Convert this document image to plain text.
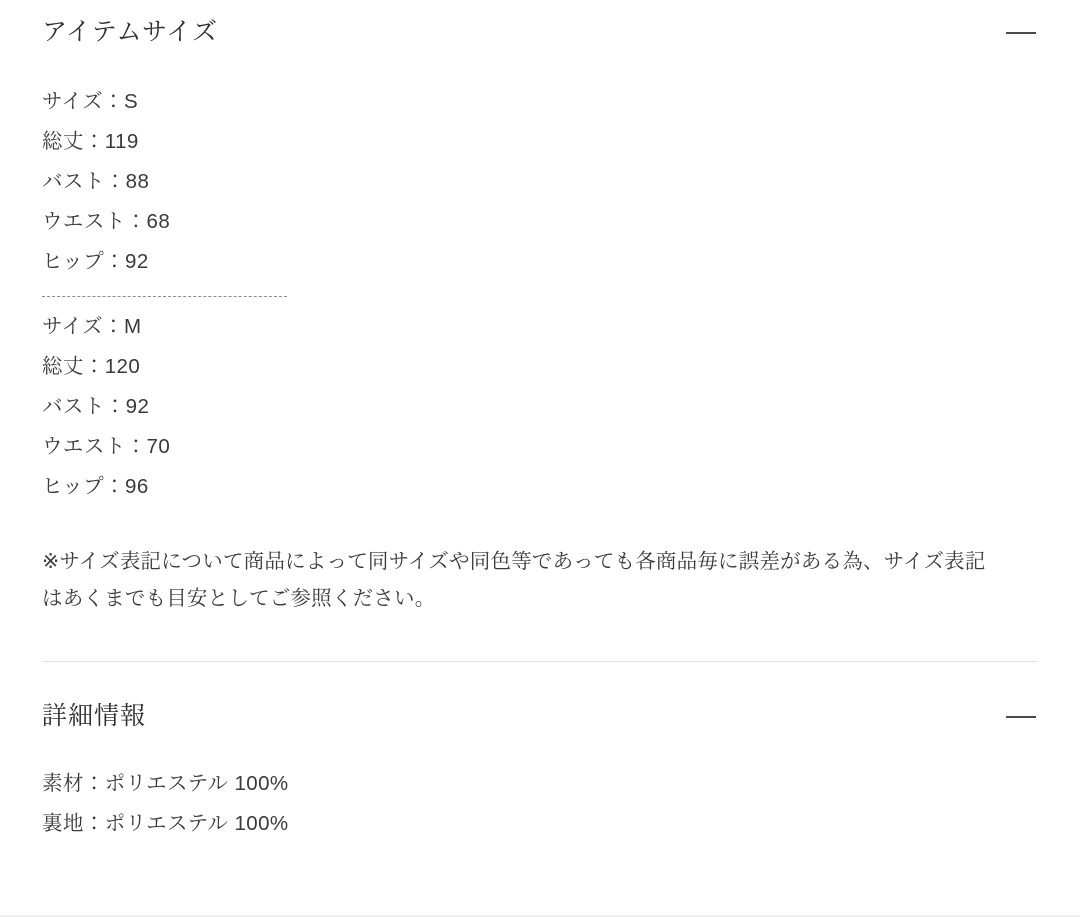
アイテムサイズ
サイズ：S
総丈：119
バスト：88
ウエスト：68
ヒップ：92
サイズ：M
総丈：120
バスト：92
ウエスト：70
ヒップ：96
※サイズ表記について商品によって同サイズや同色等であっても各商品毎に誤差がある為、サイズ表記はあくまでも目安としてご参照ください。
詳細情報
素材：ポリエステル 100%
裏地：ポリエステル 100%
